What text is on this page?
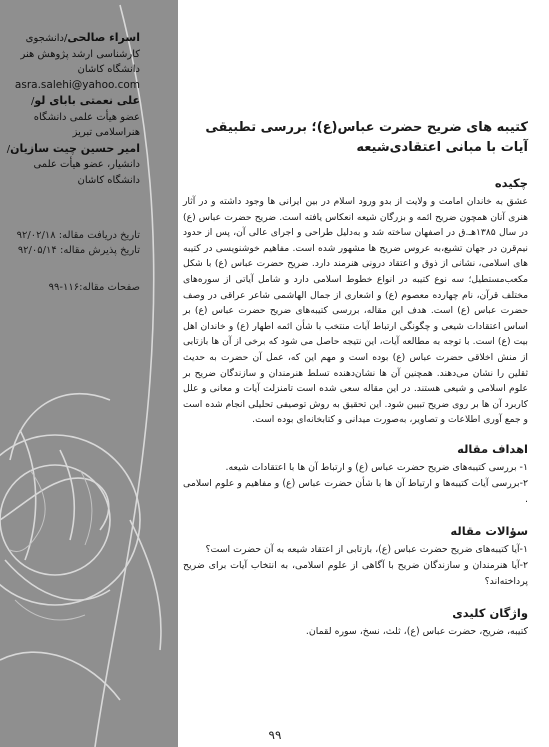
اسراء صالحی/دانشجوی

کارشناسی ارشد پژوهش هنر

دانشگاه کاشان

asra.salehi@yahoo.com

علی نعمتی بابای لو/

عضو هیأت علمی دانشگاه

هنراسلامی تبریز

امیر حسین چیت سازیان/

دانشیار، عضو هیأت علمی

دانشگاه کاشان

تاریخ دریافت مقاله: ۹۲/۰۲/۱۸

تاریخ پذیرش مقاله: ۹۲/۰۵/۱۴

صفحات مقاله:۱۱۶-۹۹
کتیبه های ضریح حضرت عباس(ع)؛ بررسی تطبیقی آیات با مبانی اعتقادی‌شیعه
چکیده

عشق به خاندان امامت و ولایت از بدو ورود اسلام در بین ایرانی ها وجود داشته و در آثار هنری آنان همچون ضریح ائمه و بزرگان شیعه انعکاس یافته است. ضریح حضرت عباس (ع) در سال ۱۳۸۵هـ.ق در اصفهان ساخته شد و به‌دلیل طراحی و اجرای عالی آن، پس از حدود نیم‌قرن در جهان تشیع،به عروس ضریح ها مشهور شده است. مفاهیم خوشنویسی در کتیبه های اسلامی، نشانی از ذوق و اعتقاد درونی هنرمند دارد. ضریح حضرت عباس (ع) با شکل مکعب‌مستطیل‌؛ سه نوع کتیبه در انواع خطوط اسلامی دارد و شامل آیاتی از سوره‌های مختلف قرآن، نام چهارده معصوم (ع) و اشعاری از جمال الهاشمی شاعر عراقی در وصف حضرت عباس (ع) است. هدف این مقاله، بررسی کتیبه‌های ضریح حضرت عباس (ع) بر اساس اعتقادات شیعی و چگونگی ارتباط آیات منتخب با شأن ائمه اطهار (ع) و خاندان اهل بیت (ع) است. با توجه به مطالعه آیات، این نتیجه حاصل می شود که برخی از آن ها بازتابی از منش اخلاقی حضرت عباس (ع) بوده است و مهم این که، عمل آن حضرت به حدیث ثقلین را نشان می‌دهند. همچنین آن ها نشان‌دهنده تسلط هنرمندان و سازندگان ضریح بر علوم اسلامی و شیعی هستند. در این مقاله سعی شده است تامنزلت آیات و معانی و علل کاربرد آن ها بر روی ضریح تبیین شود. این تحقیق به روش توصیفی تحلیلی انجام شده است و جمع آوری اطلاعات و تصاویر، به‌صورت میدانی و کتابخانه‌ای بوده است.

اهداف مقاله
۱- بررسی کتیبه‌های ضریح حضرت عباس (ع) و ارتباط آن ها با اعتقادات شیعه.
۲-بررسی آیات کتیبه‌ها و ارتباط آن ها با شأن حضرت عباس (ع) و مفاهیم و علوم اسلامی .
سؤالات مقاله
۱-آیا کتیبه‌های ضریح حضرت عباس (ع)، بازتابی از اعتقاد شیعه به آن حضرت است؟
۲-آیا هنرمندان و سازندگان ضریح با آگاهی از علوم اسلامی، به انتخاب آیات برای ضریح پرداخته‌اند؟
واژگان کلیدی

کتیبه، ضریح، حضرت عباس (ع)، ثلث، نسخ، سوره لقمان.

۹۹
